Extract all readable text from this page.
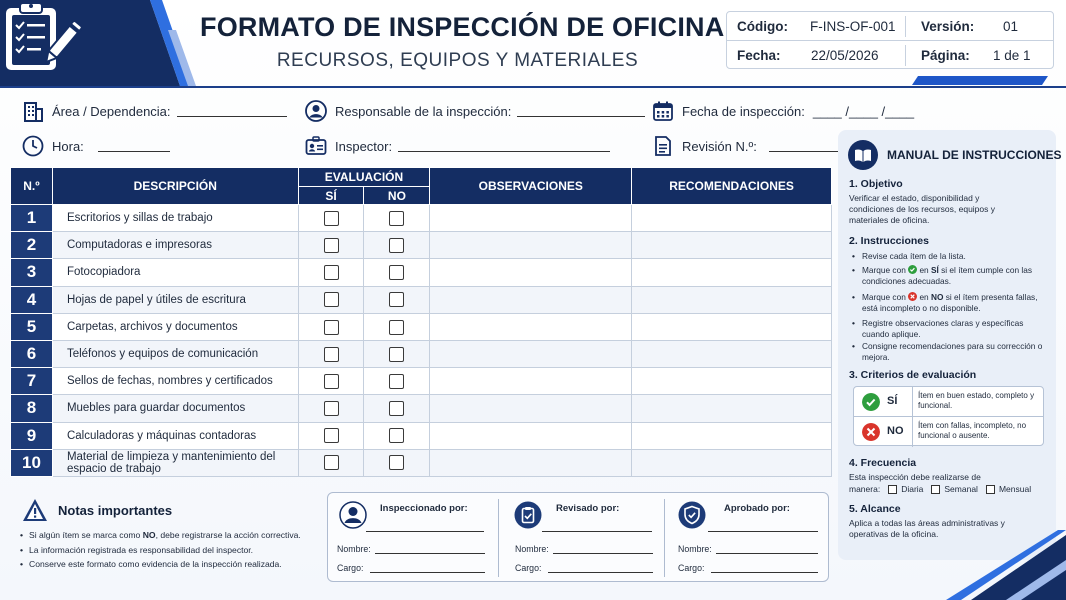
FORMATO DE INSPECCIÓN DE OFICINA
RECURSOS, EQUIPOS Y MATERIALES
Código: F-INS-OF-001 Versión: 01
Fecha: 22/05/2026	Página: 1 de 1
Área / Dependencia:	Responsable de la inspección:	Fecha de inspección: ____ /____ /____
Hora:	Inspector:	Revisión N.º:
N.º	DESCRIPCIÓN	EVALUACIÓN		OBSERVACIONES	RECOMENDACIONES
		SÍ	NO		
1	Escritorios y sillas de trabajo				
2	Computadoras e impresoras				
3	Fotocopiadora				
4	Hojas de papel y útiles de escritura				
5	Carpetas, archivos y documentos				
6	Teléfonos y equipos de comunicación				
7	Sellos de fechas, nombres y certificados				
8	Muebles para guardar documentos				
9	Calculadoras y máquinas contadoras				
10	Material de limpieza y mantenimiento del espacio de trabajo				
Notas importantes
• Si algún ítem se marca como NO, debe registrarse la acción correctiva.
• La información registrada es responsabilidad del inspector.
• Conserve este formato como evidencia de la inspección realizada.
Inspeccionado por:
Nombre:
Cargo:
Revisado por:
Nombre:
Cargo:
Aprobado por:
Nombre:
Cargo:
MANUAL DE INSTRUCCIONES
1. Objetivo
Verificar el estado, disponibilidad y condiciones de los recursos, equipos y materiales de oficina.
2. Instrucciones
• Revise cada ítem de la lista.
• Marque con  en SÍ si el ítem cumple con las condiciones adecuadas.
• Marque con  en NO si el ítem presenta fallas, está incompleto o no disponible.
• Registre observaciones claras y específicas cuando aplique.
• Consigne recomendaciones para su corrección o mejora.
3. Criterios de evaluación
SÍ	Ítem en buen estado, completo y funcional.
NO Ítem con fallas, incompleto, no funcional o ausente.
4. Frecuencia
Esta inspección debe realizarse de
manera: Diaria Semanal Mensual
5. Alcance
Aplica a todas las áreas administrativas y operativas de la oficina.
